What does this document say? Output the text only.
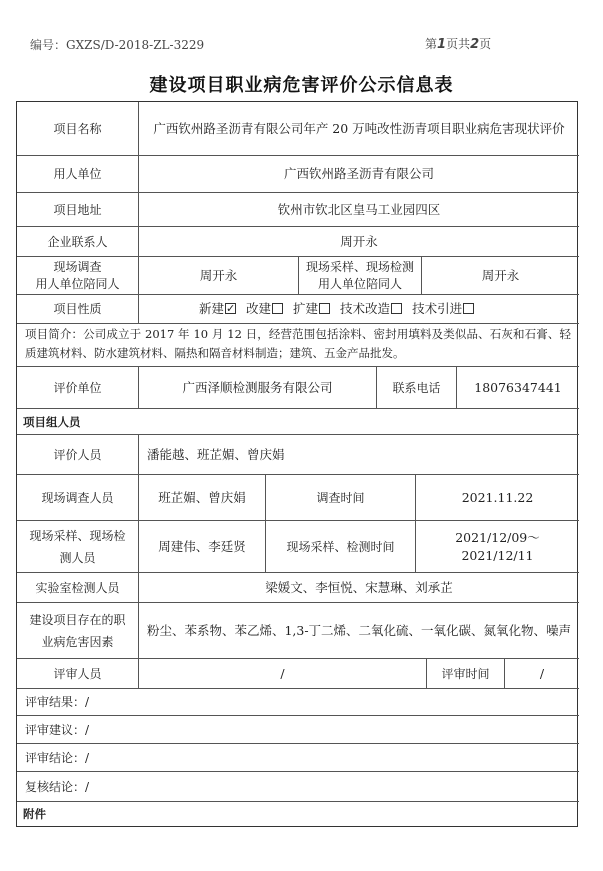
编号：GXZS/D-2018-ZL-3229	第1页共2页
建设项目职业病危害评价公示信息表
项目名称	广西钦州路圣沥青有限公司年产 20 万吨改性沥青项目职业病危害现状评价
用人单位	广西钦州路圣沥青有限公司
项目地址	钦州市钦北区皇马工业园四区
企业联系人	周开永
现场调查
用人单位陪同人
周开永
现场采样、现场检测
用人单位陪同人
周开永
项目性质	新建✓	改建	扩建	技术改造	技术引进
项目简介：公司成立于 2017 年 10 月 12 日，经营范围包括涂料、密封用填料及类似品、石灰和石膏、轻质建筑材料、防水建筑材料、隔热和隔音材料制造；建筑、五金产品批发。
评价单位	广西泽顺检测服务有限公司	联系电话	18076347441
项目组人员
评价人员	潘能越、班芷媚、曾庆娟
现场调查人员	班芷媚、曾庆娟	调查时间	2021.11.22
现场采样、现场检测人员
周建伟、李廷贤	现场采样、检测时间
2021/12/09～
2021/12/11
实验室检测人员	梁媛文、李恒悦、宋慧琳、刘承芷
建设项目存在的职业病危害因素
粉尘、苯系物、苯乙烯、1,3-丁二烯、二氧化硫、一氧化碳、氮氧化物、噪声
评审人员	/	评审时间	/
评审结果：/
评审建议：/
评审结论：/
复核结论：/
附件
